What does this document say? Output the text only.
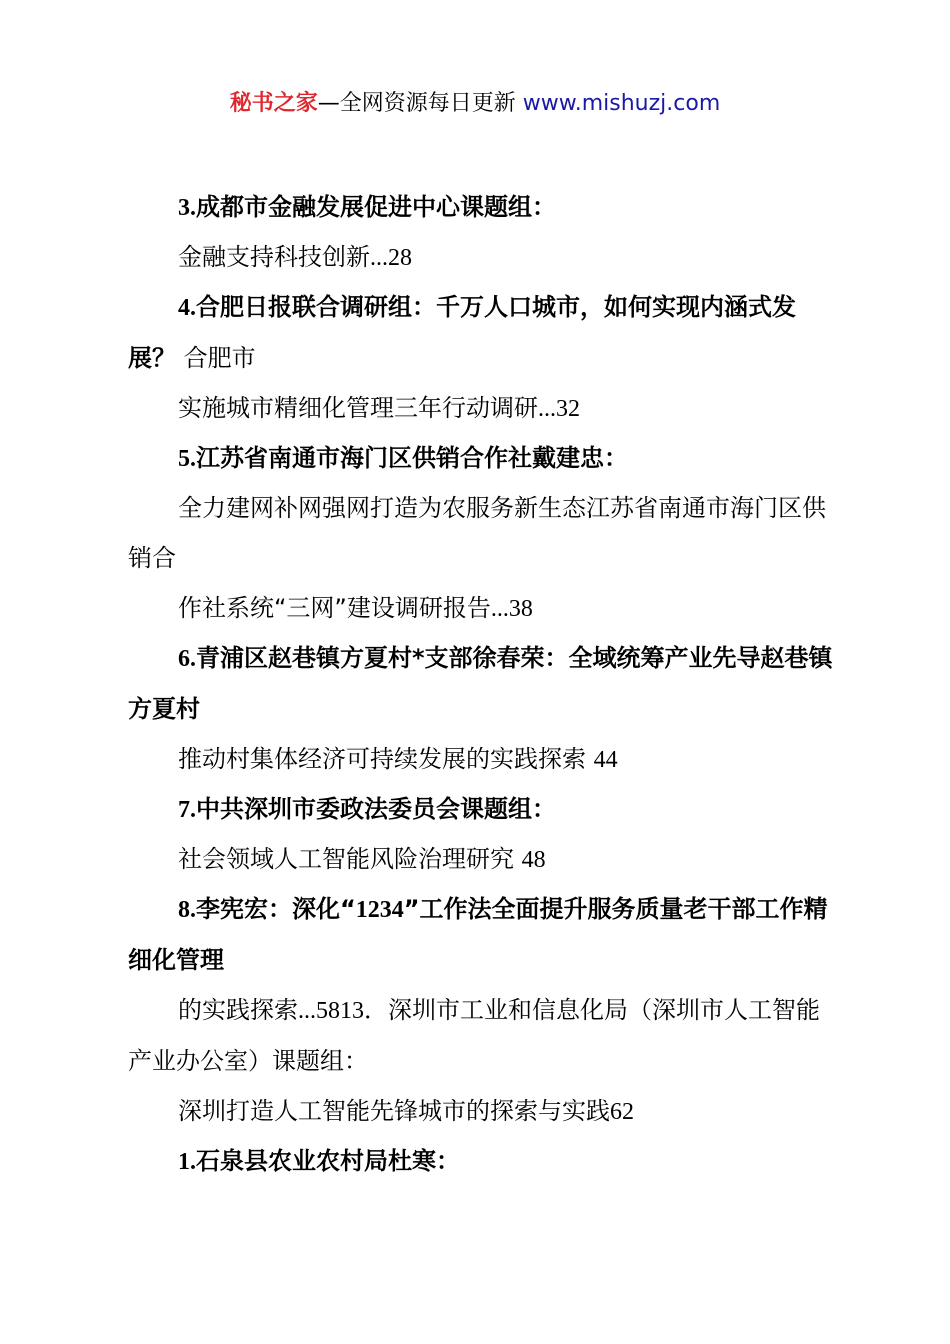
秘书之家—全网资源每日更新 www.mishuzj.com
3.成都市金融发展促进中心课题组：
金融支持科技创新...28
4.合肥日报联合调研组：千万人口城市，如何实现内涵式发展？ 合肥市
实施城市精细化管理三年行动调研...32
5.江苏省南通市海门区供销合作社戴建忠：
全力建网补网强网打造为农服务新生态江苏省南通市海门区供销合
作社系统“三网”建设调研报告...38
6.青浦区赵巷镇方夏村*支部徐春荣：全域统筹产业先导赵巷镇方夏村
推动村集体经济可持续发展的实践探索 44
7.中共深圳市委政法委员会课题组：
社会领域人工智能风险治理研究 48
8.李宪宏：深化“1234”工作法全面提升服务质量老干部工作精细化管理
的实践探索...5813．深圳市工业和信息化局（深圳市人工智能产业办公室）课题组：
深圳打造人工智能先锋城市的探索与实践62
1.石泉县农业农村局杜寒：
